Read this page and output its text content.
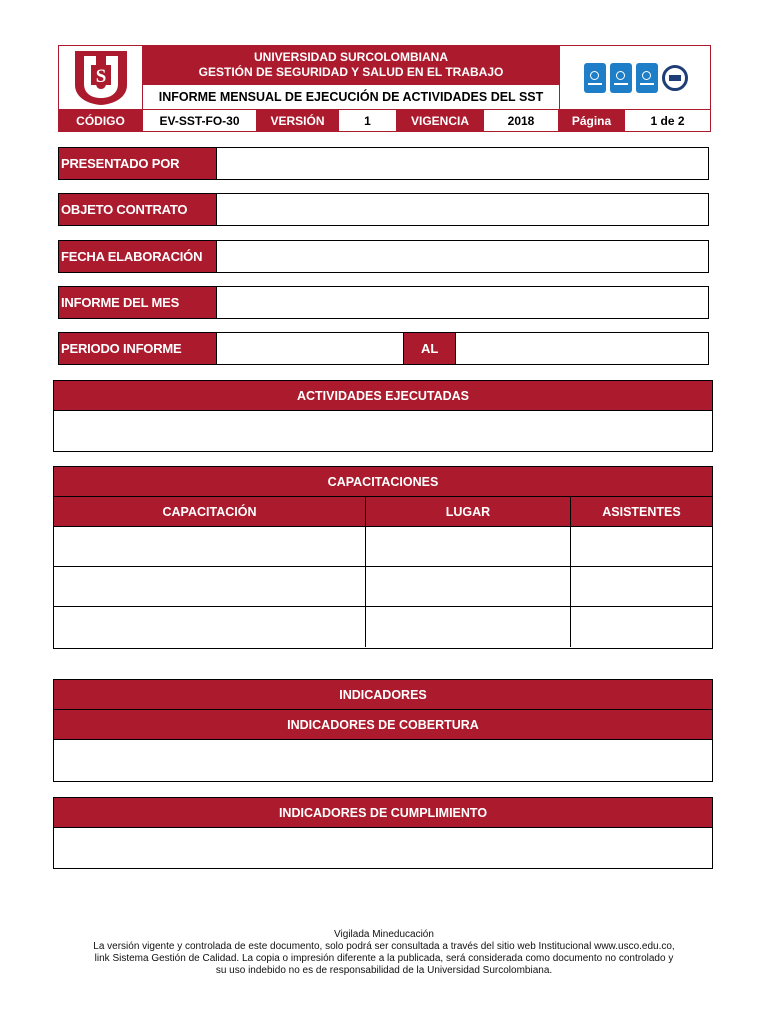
S
UNIVERSIDAD SURCOLOMBIANA
GESTIÓN DE SEGURIDAD Y SALUD EN EL TRABAJO
INFORME MENSUAL DE EJECUCIÓN DE ACTIVIDADES DEL SST
CÓDIGO	EV-SST-FO-30	VERSIÓN	1	VIGENCIA	2018	Página	1 de 2
PRESENTADO POR
OBJETO CONTRATO
FECHA ELABORACIÓN
INFORME DEL MES
PERIODO INFORME	AL
ACTIVIDADES EJECUTADAS
CAPACITACIONES
CAPACITACIÓN	LUGAR	ASISTENTES
INDICADORES
INDICADORES DE COBERTURA
INDICADORES DE CUMPLIMIENTO
Vigilada Mineducación
La versión vigente y controlada de este documento, solo podrá ser consultada a través del sitio web Institucional www.usco.edu.co,
link Sistema Gestión de Calidad. La copia o impresión diferente a la publicada, será considerada como documento no controlado y
su uso indebido no es de responsabilidad de la Universidad Surcolombiana.
